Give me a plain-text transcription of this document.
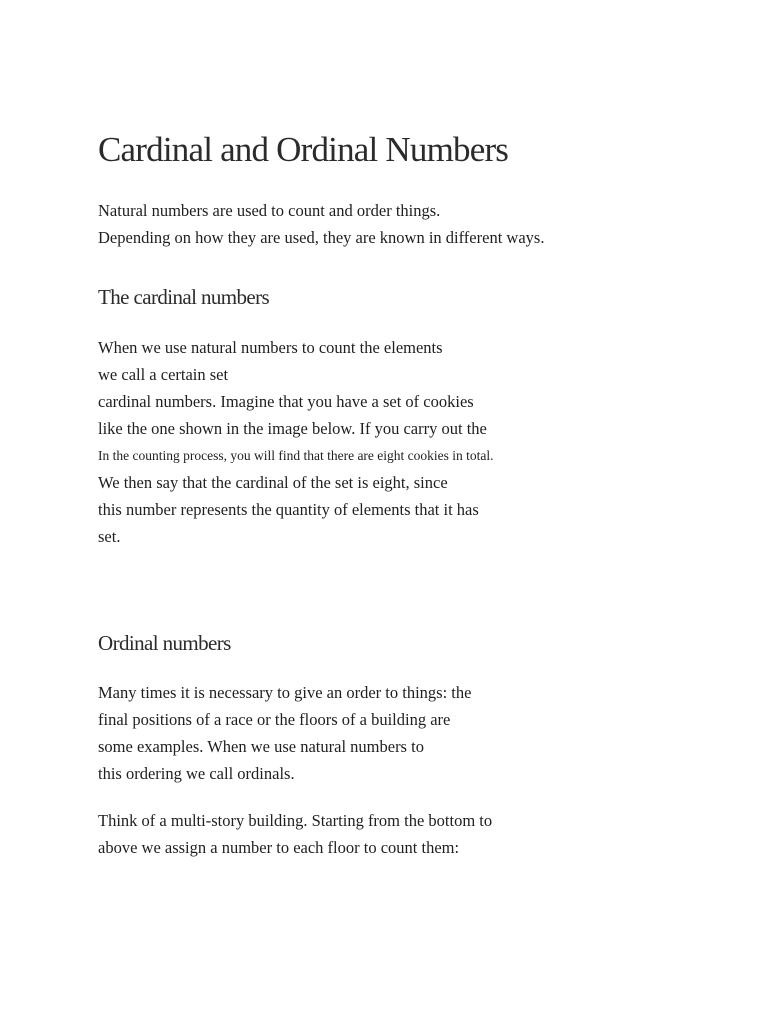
Cardinal and Ordinal Numbers
Natural numbers are used to count and order things.
Depending on how they are used, they are known in different ways.
The cardinal numbers
When we use natural numbers to count the elements
we call a certain set
cardinal numbers. Imagine that you have a set of cookies
like the one shown in the image below. If you carry out the
In the counting process, you will find that there are eight cookies in total.
We then say that the cardinal of the set is eight, since
this number represents the quantity of elements that it has
set.
Ordinal numbers
Many times it is necessary to give an order to things: the
final positions of a race or the floors of a building are
some examples. When we use natural numbers to
this ordering we call ordinals.
Think of a multi-story building. Starting from the bottom to
above we assign a number to each floor to count them:
